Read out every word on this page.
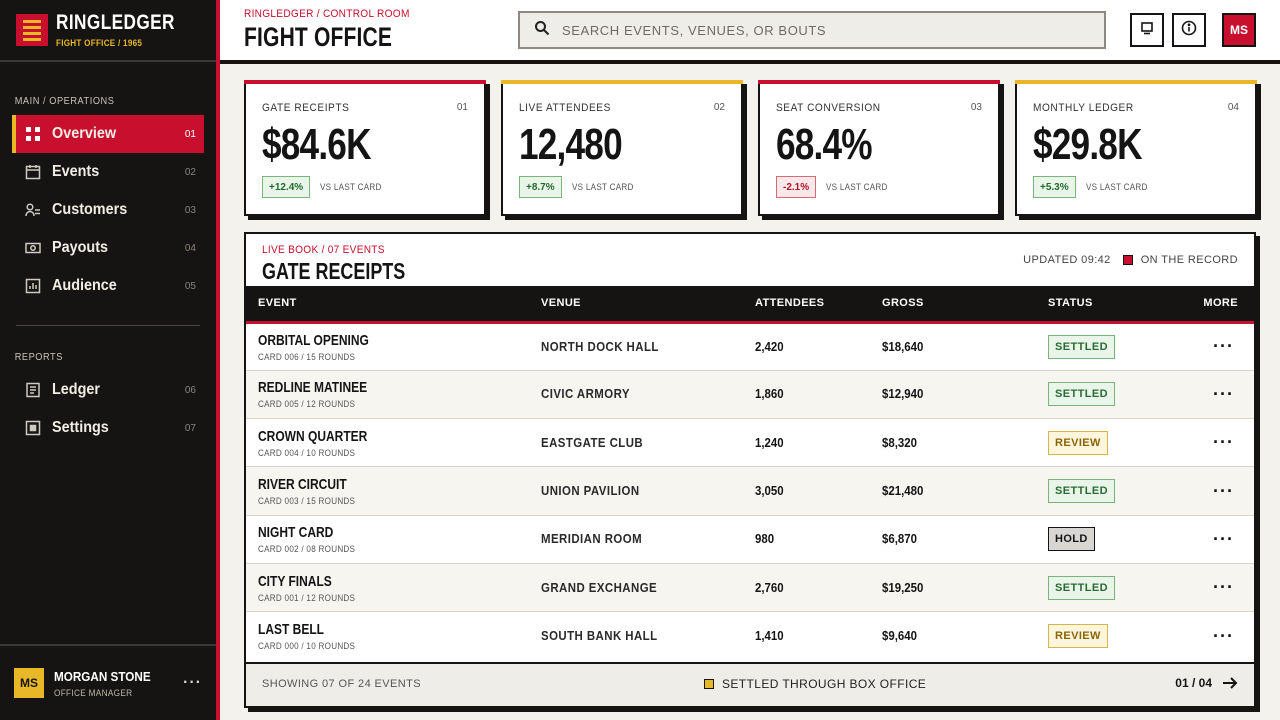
RINGLEDGER
FIGHT OFFICE / 1965
MAIN / OPERATIONS
Overview	01
Events	02
Customers	03
Payouts	04
Audience	05
REPORTS
Ledger	06
Settings	07
MS	MORGAN STONE
OFFICE MANAGER
···
RINGLEDGER / CONTROL ROOM
FIGHT OFFICE
SEARCH EVENTS, VENUES, OR BOUTS	MS
GATE RECEIPTS	01
$84.6K
+12.4%	VS LAST CARD
LIVE ATTENDEES	02
12,480
+8.7%	VS LAST CARD
SEAT CONVERSION	03
68.4%
-2.1%	VS LAST CARD
MONTHLY LEDGER	04
$29.8K
+5.3%	VS LAST CARD
LIVE BOOK / 07 EVENTS
GATE RECEIPTS	UPDATED 09:42	ON THE RECORD
EVENT	VENUE	ATTENDEES	GROSS	STATUS	MORE

ORBITAL OPENING
CARD 006 / 15 ROUNDS	NORTH DOCK HALL	2,420	$18,640	SETTLED	···

REDLINE MATINEE
CARD 005 / 12 ROUNDS	CIVIC ARMORY	1,860	$12,940	SETTLED	···

CROWN QUARTER
CARD 004 / 10 ROUNDS	EASTGATE CLUB	1,240	$8,320	REVIEW	···

RIVER CIRCUIT
CARD 003 / 15 ROUNDS	UNION PAVILION	3,050	$21,480	SETTLED	···

NIGHT CARD
CARD 002 / 08 ROUNDS	MERIDIAN ROOM	980	$6,870	HOLD	···

CITY FINALS
CARD 001 / 12 ROUNDS	GRAND EXCHANGE	2,760	$19,250	SETTLED	···

LAST BELL
CARD 000 / 10 ROUNDS	SOUTH BANK HALL	1,410	$9,640	REVIEW	···
SHOWING 07 OF 24 EVENTS	SETTLED THROUGH BOX OFFICE	01 / 04
